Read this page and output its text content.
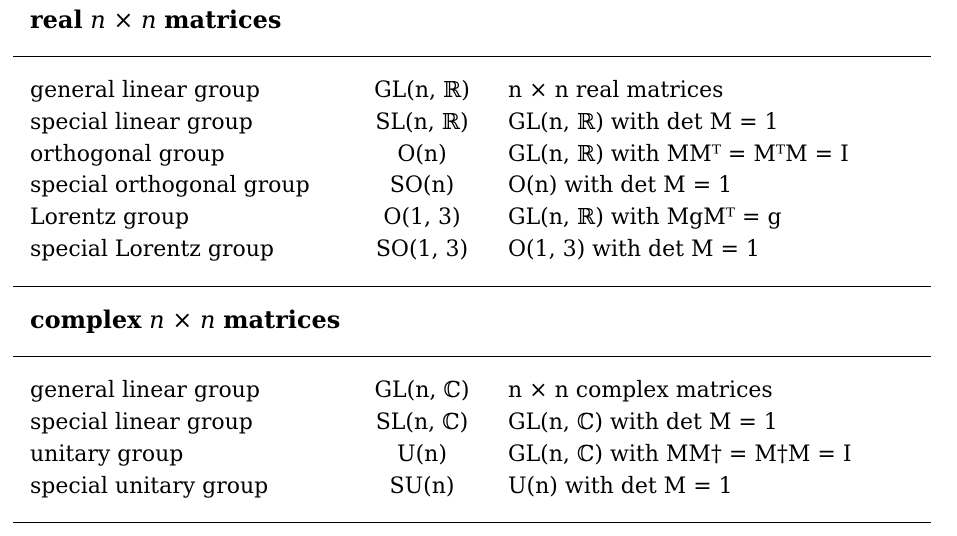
real n × n matrices
general linear group	GL(n, ℝ)	n × n real matrices
special linear group	SL(n, ℝ)	GL(n, ℝ) with det M = 1
orthogonal group	O(n)	GL(n, ℝ) with MMᵀ = MᵀM = I
special orthogonal group	SO(n)	O(n) with det M = 1
Lorentz group	O(1, 3)	GL(n, ℝ) with MgMᵀ = g
special Lorentz group	SO(1, 3)	O(1, 3) with det M = 1
complex n × n matrices
general linear group	GL(n, ℂ)	n × n complex matrices
special linear group	SL(n, ℂ)	GL(n, ℂ) with det M = 1
unitary group	U(n)	GL(n, ℂ) with MM† = M†M = I
special unitary group	SU(n)	U(n) with det M = 1
